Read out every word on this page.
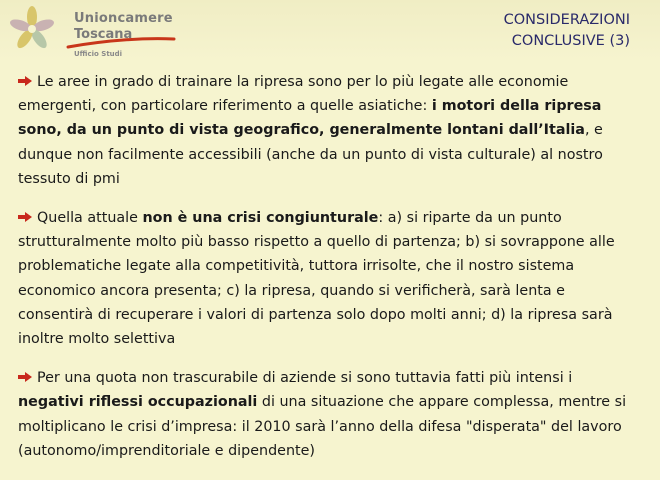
Unioncamere
Toscana
Ufficio Studi
CONSIDERAZIONI
CONCLUSIVE (3)

Le aree in grado di trainare la ripresa sono per lo più legate alle economie emergenti, con particolare riferimento a quelle asiatiche: i motori della ripresa sono, da un punto di vista geografico, generalmente lontani dall’Italia, e dunque non facilmente accessibili (anche da un punto di vista culturale) al nostro tessuto di pmi

Quella attuale non è una crisi congiunturale: a) si riparte da un punto strutturalmente molto più basso rispetto a quello di partenza; b) si sovrappone alle problematiche legate alla competitività, tuttora irrisolte, che il nostro sistema economico ancora presenta; c) la ripresa, quando si verificherà, sarà lenta e consentirà di recuperare i valori di partenza solo dopo molti anni; d) la ripresa sarà inoltre molto selettiva

Per una quota non trascurabile di aziende si sono tuttavia fatti più intensi i negativi riflessi occupazionali di una situazione che appare complessa, mentre si moltiplicano le crisi d’impresa: il 2010 sarà l’anno della difesa "disperata" del lavoro (autonomo/imprenditoriale e dipendente)
